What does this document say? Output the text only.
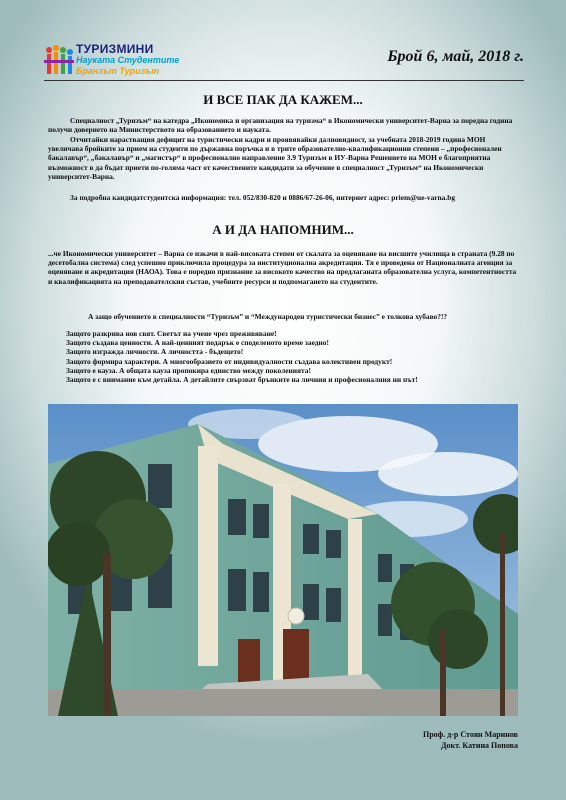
ТУРИЗМИНИ
Науката Студентите
Бранзът Туризът
Брой 6, май, 2018 г.
И ВСЕ ПАК ДА КАЖЕМ...

Специалност „Туризъм“ на катедра „Икономика и организация на туризма“ в Икономически университет-Варна за поредна година получи доверието на Министерството на образованието и науката.

Отчитайки нарастващия дефицит на туристически кадри и проявявайки далновидност, за учебната 2018-2019 година МОН увеличава бройките за прием на студенти по държавна поръчка и в трите образователно-квалификационни степени – „професионален бакалавър“, „бакалавър“ и „магистър“ в професионално направление 3.9 Туризъм в ИУ-Варна Решението на МОН е благоприятна възможност в да бъдат приети по-голяма част от качествените кандидати за обучение в специалност „Туризъм“ на Икономически университет-Варна.

За подробна кандидатстудентска информация: тел. 052/830-820 и 0886/67-26-06, интернет адрес: priem@ue-varna.bg

А И ДА НАПОМНИМ...

...че Икономически университет – Варна се изкачи в най-високата степен от скалата за оценяване на висшите училища в страната (9.28 по десетобална система) след успешно приключила процедура за институционална акредитация. Тя е проведена от Националната агенция за оценяване и акредитация (НАОА). Това е поредно признание за високото качество на предлаганата образователна услуга, компетентността и квалификацията на преподавателския състав, учебните ресурси и подпомагането на студентите.

А защо обучението в специалности “Туризъм” и “Международен туристически бизнес” е толкова хубаво?!?

Защото разкрива нов свят. Светът на учене чрез преживяване!
Защото създава ценности. А най-ценният подарък е споделеното време заедно!
Защото изгражда личности. А личността - бъдещето!
Защото формира характери. А многообразието от индивидуалности създава колективен продукт!
Защото е кауза. А общата кауза пропокира единство между поколенията!
Защото е с внимание към детайла. А детайлите свързват брънките на личния и професионалния ни път!
Проф. д-р Стоян Маринов
Докт. Катина Попова
